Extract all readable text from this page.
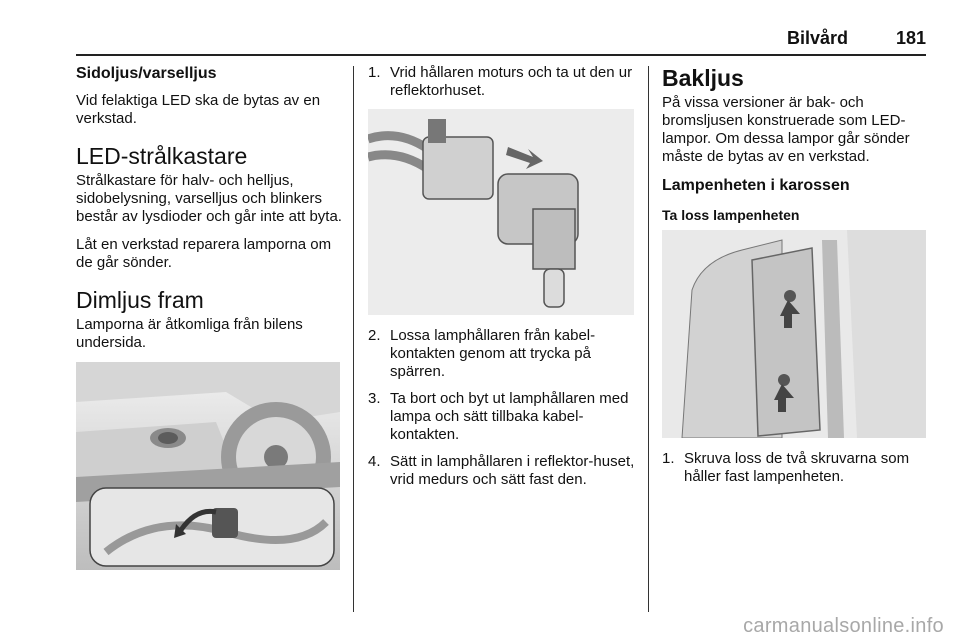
Bilvård	181
Sidoljus/varselljus

Vid felaktiga LED ska de bytas av en verkstad.

LED-strålkastare

Strålkastare för halv- och helljus, sidobelysning, varselljus och blinkers består av lysdioder och går inte att byta.

Låt en verkstad reparera lamporna om de går sönder.

Dimljus fram

Lamporna är åtkomliga från bilens undersida.

1. Vrid hållaren moturs och ta ut den ur reflektorhuset.
2. Lossa lamphållaren från kabel-kontakten genom att trycka på spärren.
3. Ta bort och byt ut lamphållaren med lampa och sätt tillbaka kabel-kontakten.
4. Sätt in lamphållaren i reflektor-huset, vrid medurs och sätt fast den.
Bakljus

På vissa versioner är bak- och bromsljusen konstruerade som LED-lampor. Om dessa lampor går sönder måste de bytas av en verkstad.

Lampenheten i karossen
Ta loss lampenheten
1. Skruva loss de två skruvarna som håller fast lampenheten.
carmanualsonline.info
